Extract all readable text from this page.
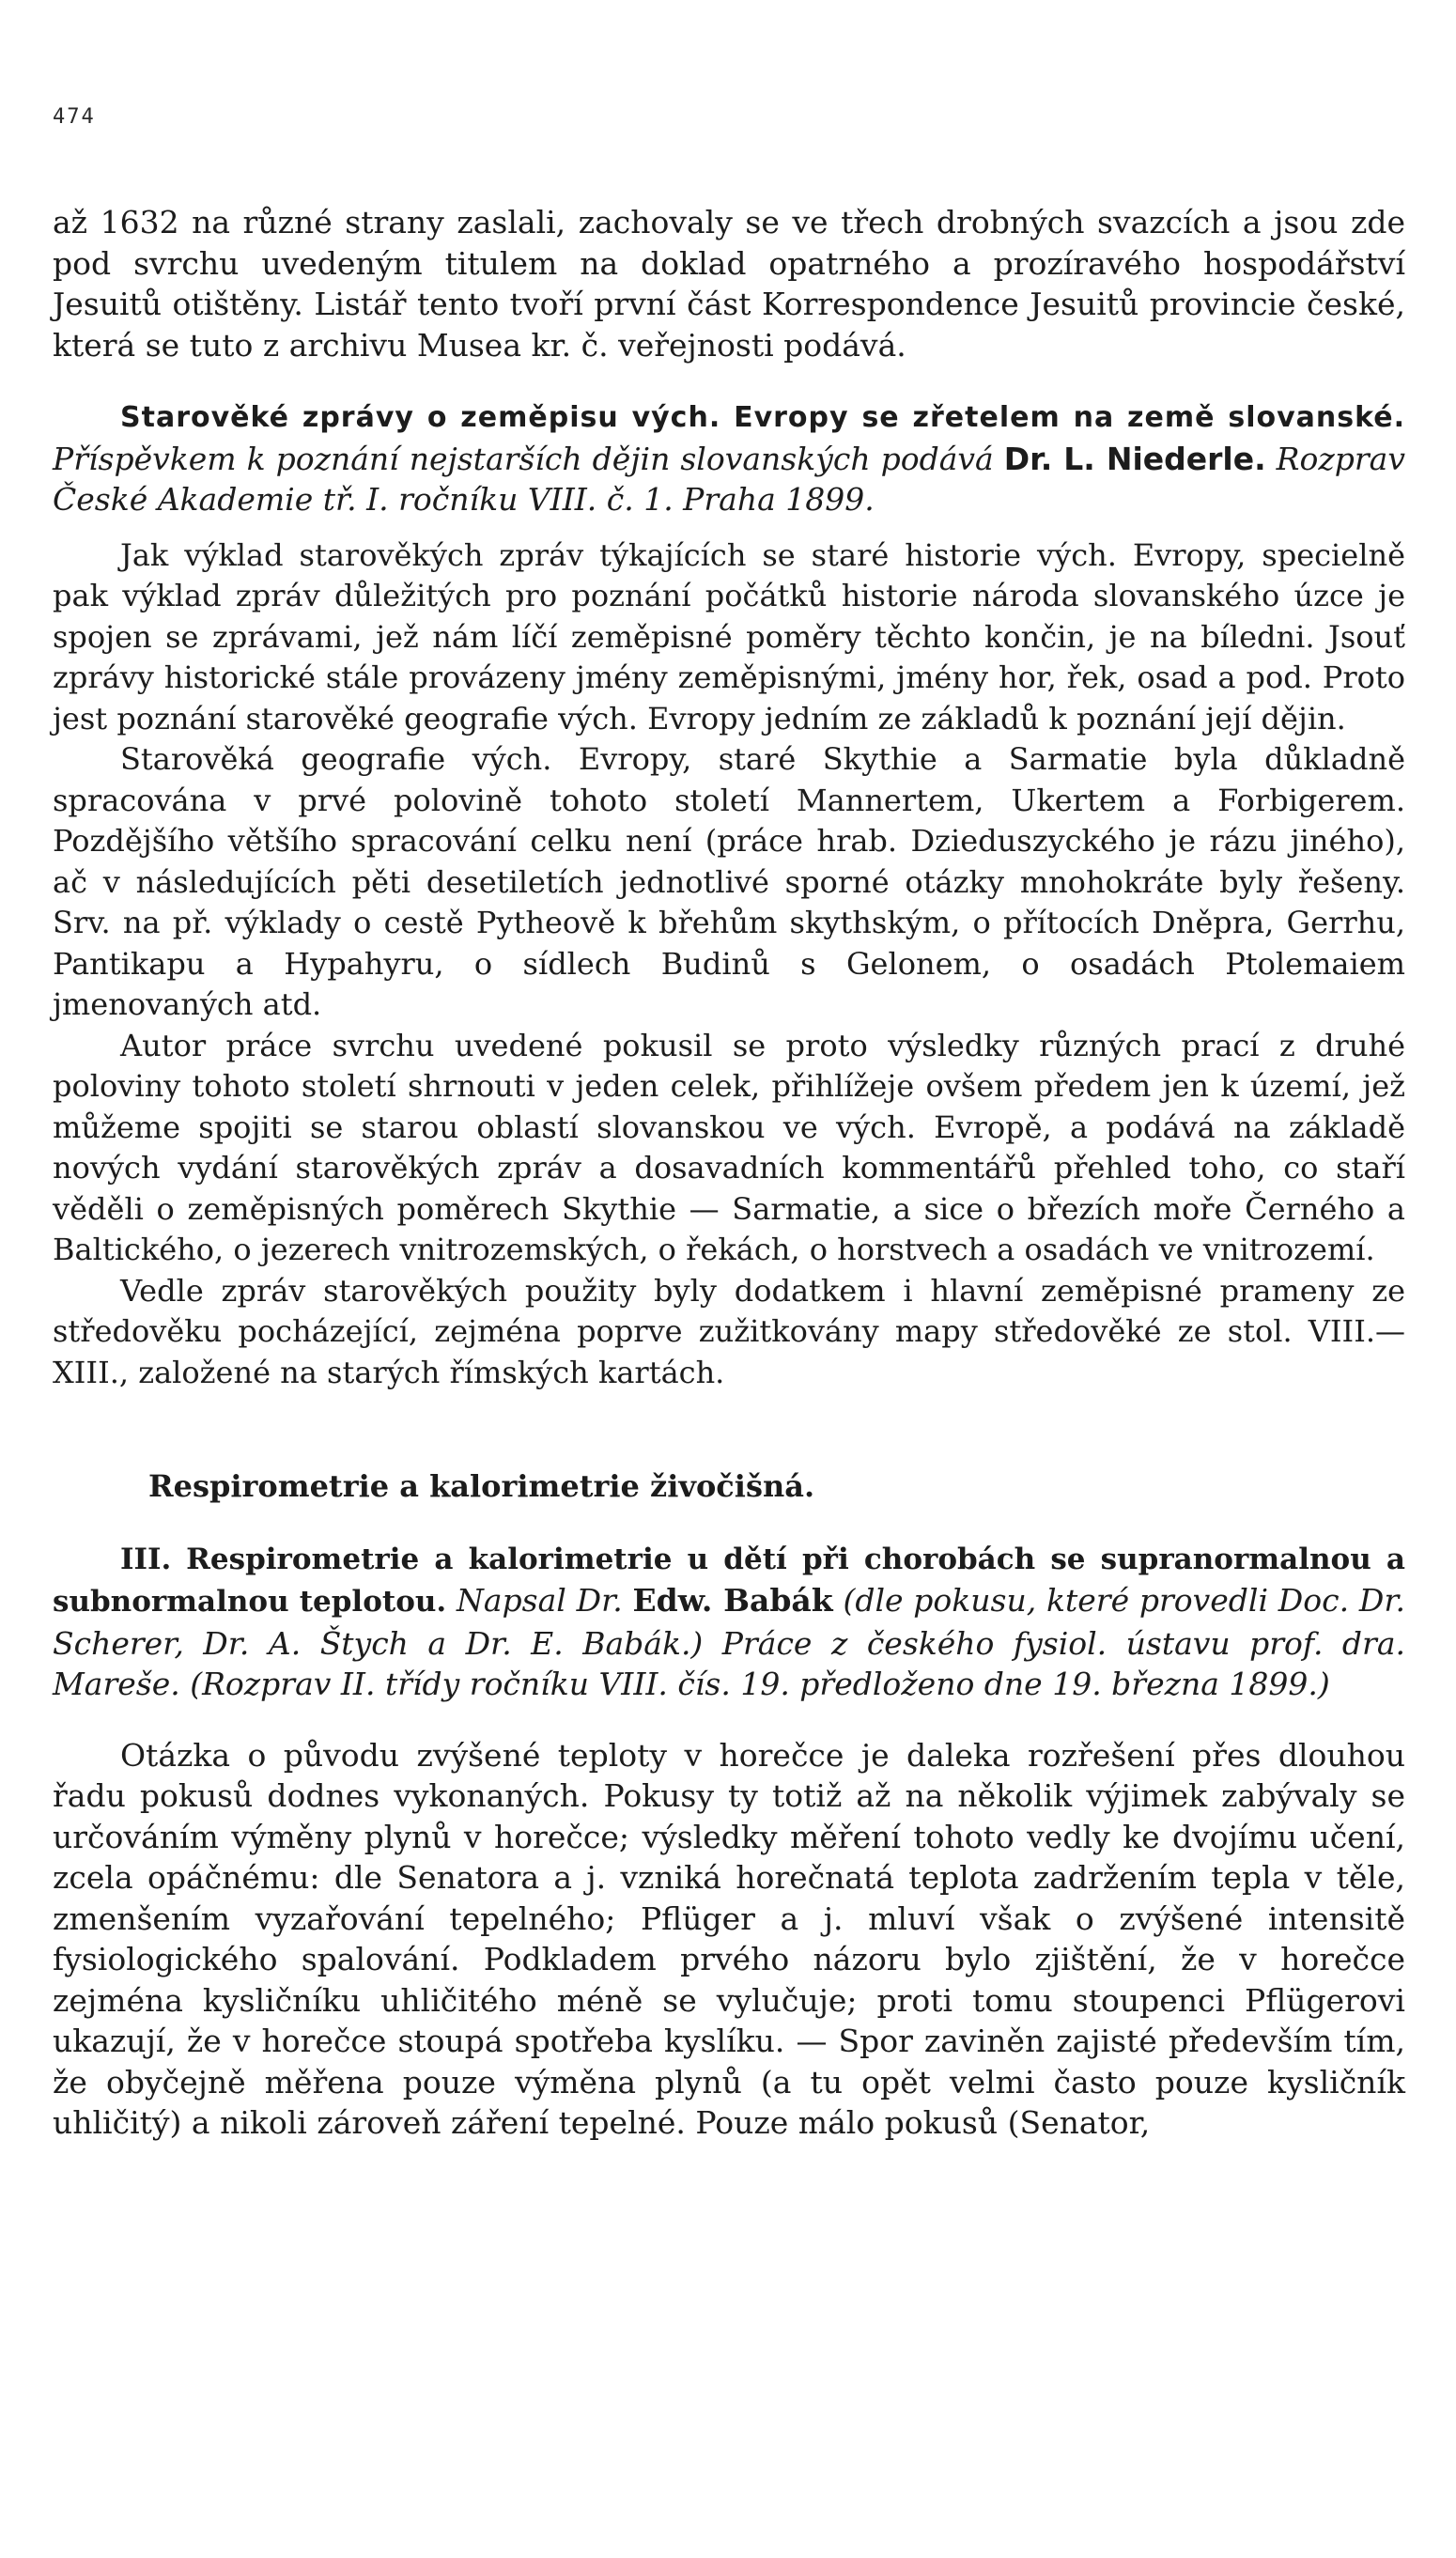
474

až 1632 na různé strany zaslali, zachovaly se ve třech drobných svazcích a jsou zde pod svrchu uvedeným titulem na doklad opatrného a prozíravého hospodářství Jesuitů otištěny. Listář tento tvoří první část Korrespondence Jesuitů provincie české, která se tuto z archivu Musea kr. č. veřejnosti podává.

Starověké zprávy o zeměpisu vých. Evropy se zřetelem na země slovanské. Příspěvkem k poznání nejstarších dějin slovanských podává Dr. L. Niederle. Rozprav České Akademie tř. I. ročníku VIII. č. 1. Praha 1899.

Jak výklad starověkých zpráv týkajících se staré historie vých. Evropy, specielně pak výklad zpráv důležitých pro poznání počátků historie národa slovanského úzce je spojen se zprávami, jež nám líčí zeměpisné poměry těchto končin, je na bíledni. Jsouť zprávy historické stále provázeny jmény zeměpisnými, jmény hor, řek, osad a pod. Proto jest poznání starověké geografie vých. Evropy jedním ze základů k poznání její dějin.

Starověká geografie vých. Evropy, staré Skythie a Sarmatie byla důkladně spracována v prvé polovině tohoto století Mannertem, Ukertem a Forbigerem. Pozdějšího většího spracování celku není (práce hrab. Dzieduszyckého je rázu jiného), ač v následujících pěti desetiletích jednotlivé sporné otázky mnohokráte byly řešeny. Srv. na př. výklady o cestě Pytheově k břehům skythským, o přítocích Dněpra, Gerrhu, Pantikapu a Hypahyru, o sídlech Budinů s Gelonem, o osadách Ptolemaiem jmenovaných atd.

Autor práce svrchu uvedené pokusil se proto výsledky různých prací z druhé poloviny tohoto století shrnouti v jeden celek, přihlížeje ovšem předem jen k území, jež můžeme spojiti se starou oblastí slovanskou ve vých. Evropě, a podává na základě nových vydání starověkých zpráv a dosavadních kommentářů přehled toho, co staří věděli o zeměpisných poměrech Skythie — Sarmatie, a sice o březích moře Černého a Baltického, o jezerech vnitrozemských, o řekách, o horstvech a osadách ve vnitrozemí.

Vedle zpráv starověkých použity byly dodatkem i hlavní zeměpisné prameny ze středověku pocházející, zejména poprve zužitkovány mapy středověké ze stol. VIII.—XIII., založené na starých římských kartách.

Respirometrie a kalorimetrie živočišná.

III. Respirometrie a kalorimetrie u dětí při chorobách se supranormalnou a subnormalnou teplotou. Napsal Dr. Edw. Babák (dle pokusu, které provedli Doc. Dr. Scherer, Dr. A. Štych a Dr. E. Babák.) Práce z českého fysiol. ústavu prof. dra. Mareše. (Rozprav II. třídy ročníku VIII. čís. 19. předloženo dne 19. března 1899.)

Otázka o původu zvýšené teploty v horečce je daleka rozřešení přes dlouhou řadu pokusů dodnes vykonaných. Pokusy ty totiž až na několik výjimek zabývaly se určováním výměny plynů v horečce; výsledky měření tohoto vedly ke dvojímu učení, zcela opáčnému: dle Senatora a j. vzniká horečnatá teplota zadržením tepla v těle, zmenšením vyzařování tepelného; Pflüger a j. mluví však o zvýšené intensitě fysiologického spalování. Podkladem prvého názoru bylo zjištění, že v horečce zejména kysličníku uhličitého méně se vylučuje; proti tomu stoupenci Pflügerovi ukazují, že v horečce stoupá spotřeba kyslíku. — Spor zaviněn zajisté především tím, že obyčejně měřena pouze výměna plynů (a tu opět velmi často pouze kysličník uhličitý) a nikoli zároveň záření tepelné. Pouze málo pokusů (Senator,
